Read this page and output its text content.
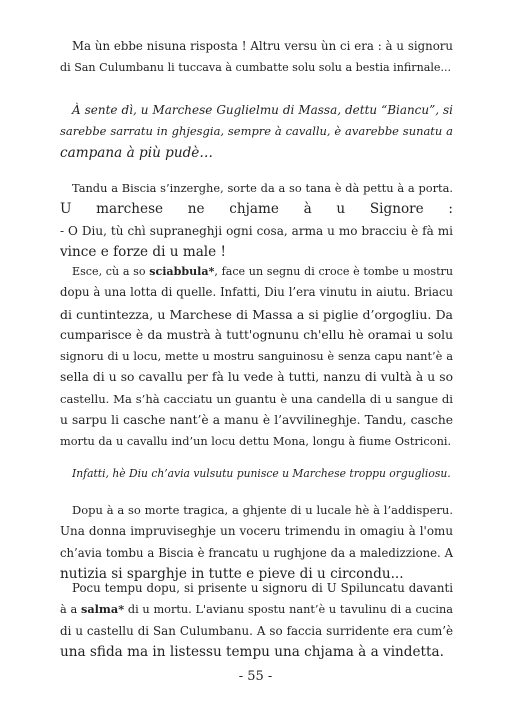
Ma ùn ebbe nisuna risposta ! Altru versu ùn ci era : à u signoru
di San Culumbanu li tuccava à cumbatte solu solu a bestia infirnale...
À sente dì, u Marchese Guglielmu di Massa, dettu “Biancu”, si
sarebbe sarratu in ghjesgia, sempre à cavallu, è avarebbe sunatu a
campana à più pudè…
Tandu a Biscia s’inzerghe, sorte da a so tana è dà pettu à a porta.
U marchese ne chjame à u Signore :
- O Diu, tù chì supraneghji ogni cosa, arma u mo bracciu è fà mi
vince e forze di u male !
Esce, cù a so sciabbula*, face un segnu di croce è tombe u mostru
dopu à una lotta di quelle. Infatti, Diu l’era vinutu in aiutu. Briacu
di cuntintezza, u Marchese di Massa a si piglie d’orgogliu. Da
cumparisce è da mustrà à tutt'ognunu ch'ellu hè oramai u solu
signoru di u locu, mette u mostru sanguinosu è senza capu nant’è a
sella di u so cavallu per fà lu vede à tutti, nanzu di vultà à u so
castellu. Ma s’hà cacciatu un guantu è una candella di u sangue di
u sarpu li casche nant’è a manu è l’avvilineghje. Tandu, casche
mortu da u cavallu ind’un locu dettu Mona, longu à fiume Ostriconi.
Infatti, hè Diu ch’avia vulsutu punisce u Marchese troppu orgugliosu.
Dopu à a so morte tragica, a ghjente di u lucale hè à l’addisperu.
Una donna impruviseghje un voceru trimendu in omagiu à l'omu
ch’avia tombu a Biscia è francatu u rughjone da a maledizzione. A
nutizia si sparghje in tutte e pieve di u circondu...
Pocu tempu dopu, si prisente u signoru di U Spiluncatu davanti
à a salma* di u mortu. L'avianu spostu nant’è u tavulinu di a cucina
di u castellu di San Culumbanu. A so faccia surridente era cum’è
una sfida ma in listessu tempu una chjama à a vindetta.
- 55 -
